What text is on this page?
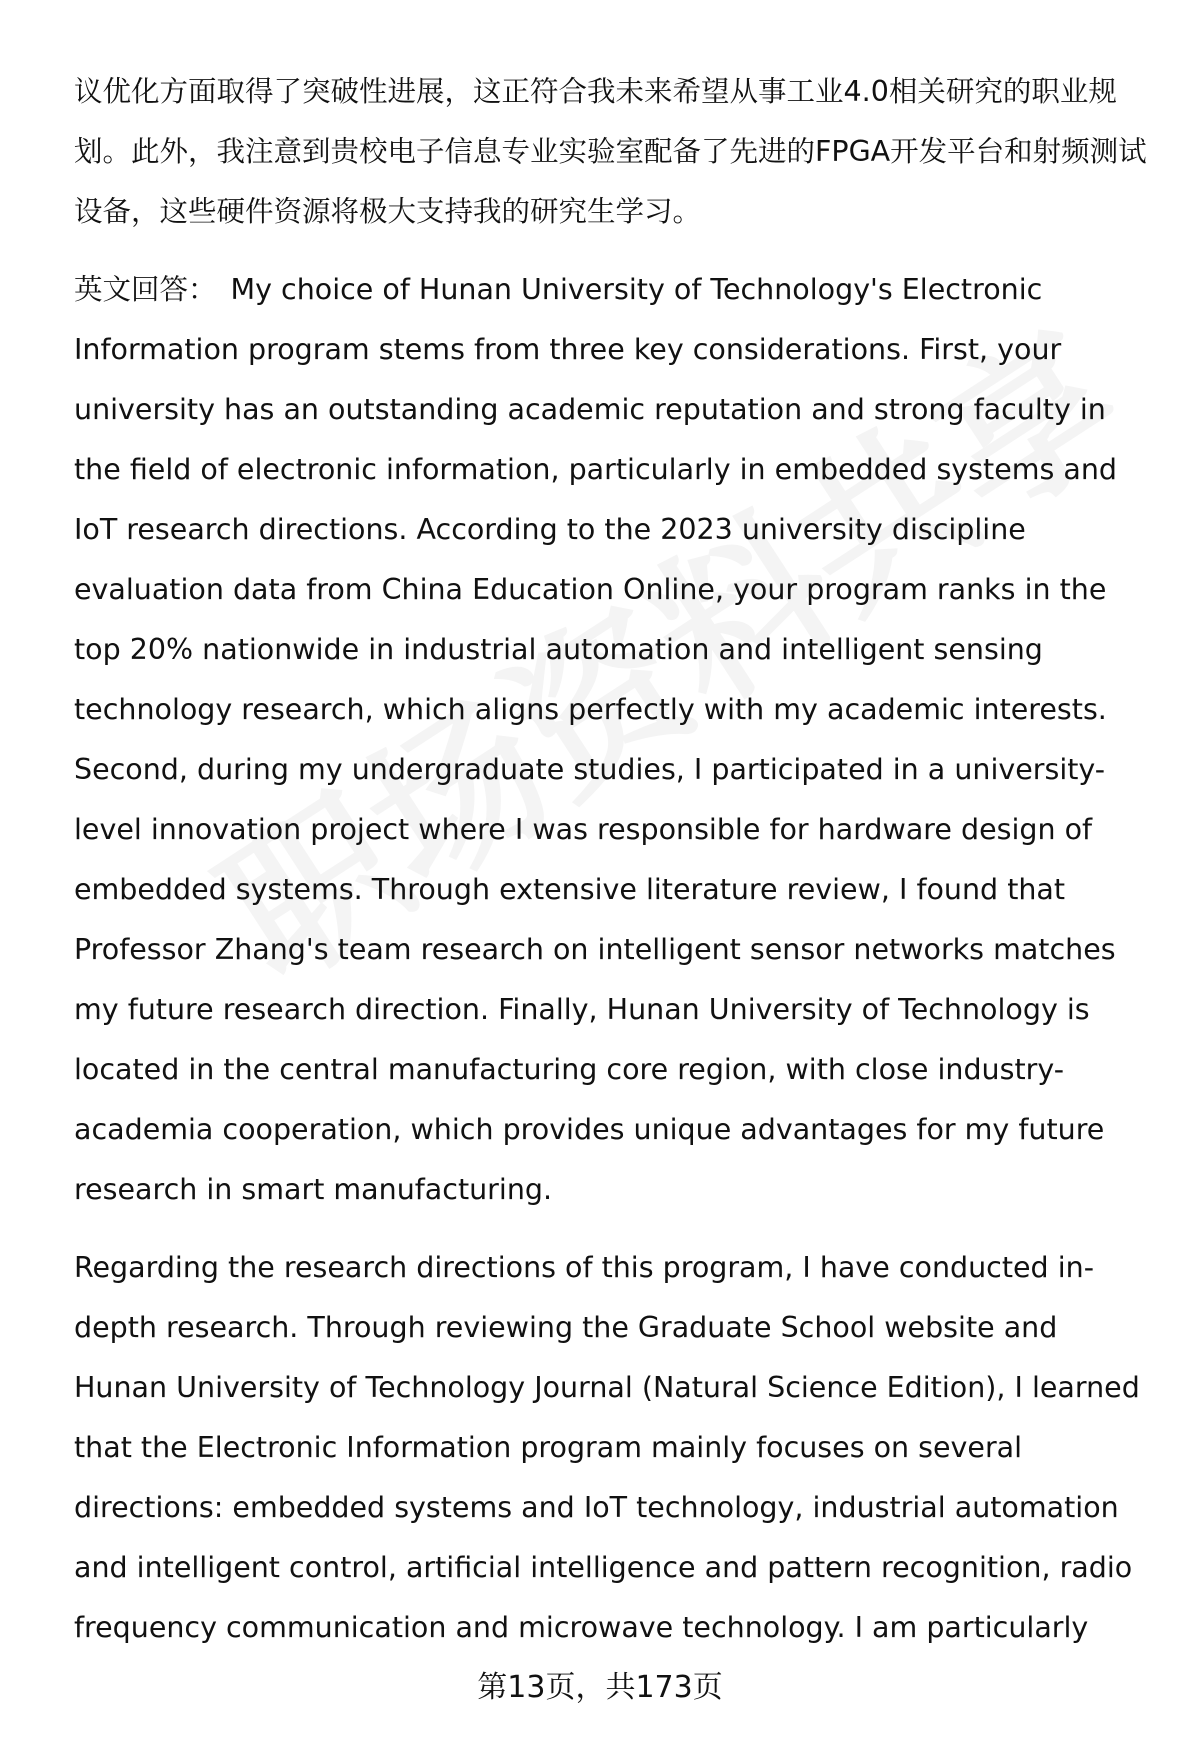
议优化方面取得了突破性进展，这正符合我未来希望从事工业4.0相关研究的职业规划。此外，我注意到贵校电子信息专业实验室配备了先进的FPGA开发平台和射频测试设备，这些硬件资源将极大支持我的研究生学习。

英文回答： My choice of Hunan University of Technology's Electronic Information program stems from three key considerations. First, your university has an outstanding academic reputation and strong faculty in the field of electronic information, particularly in embedded systems and IoT research directions. According to the 2023 university discipline evaluation data from China Education Online, your program ranks in the top 20% nationwide in industrial automation and intelligent sensing technology research, which aligns perfectly with my academic interests. Second, during my undergraduate studies, I participated in a university-level innovation project where I was responsible for hardware design of embedded systems. Through extensive literature review, I found that Professor Zhang's team research on intelligent sensor networks matches my future research direction. Finally, Hunan University of Technology is located in the central manufacturing core region, with close industry-academia cooperation, which provides unique advantages for my future research in smart manufacturing.

Regarding the research directions of this program, I have conducted in-depth research. Through reviewing the Graduate School website and Hunan University of Technology Journal (Natural Science Edition), I learned that the Electronic Information program mainly focuses on several directions: embedded systems and IoT technology, industrial automation and intelligent control, artificial intelligence and pattern recognition, radio frequency communication and microwave technology. I am particularly

第13页，共173页
